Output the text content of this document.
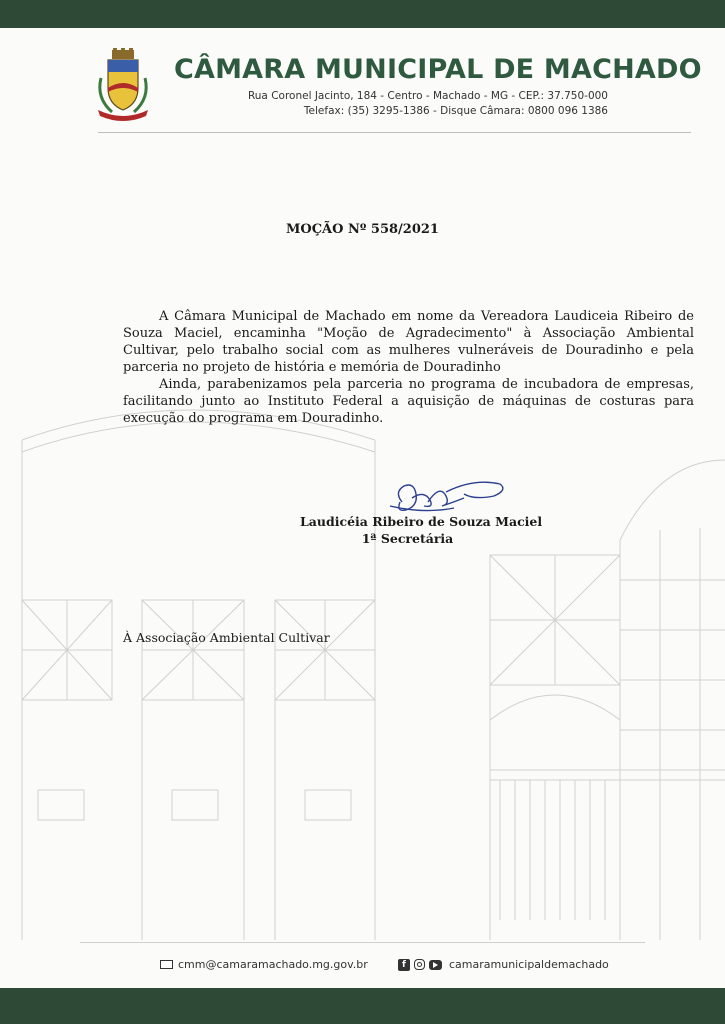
CÂMARA MUNICIPAL DE MACHADO
Rua Coronel Jacinto, 184 - Centro - Machado - MG - CEP.: 37.750-000
Telefax: (35) 3295-1386 - Disque Câmara: 0800 096 1386
MOÇÃO Nº 558/2021

A Câmara Municipal de Machado em nome da Vereadora Laudiceia Ribeiro de Souza Maciel, encaminha "Moção de Agradecimento" à Associação Ambiental Cultivar, pelo trabalho social com as mulheres vulneráveis de Douradinho e pela parceria no projeto de história e memória de Douradinho

Ainda, parabenizamos pela parceria no programa de incubadora de empresas, facilitando junto ao Instituto Federal a aquisição de máquinas de costuras para execução do programa em Douradinho.

Laudicéia Ribeiro de Souza Maciel
1ª Secretária
À Associação Ambiental Cultivar
cmm@camaramachado.mg.gov.br	f	camaramunicipaldemachado
